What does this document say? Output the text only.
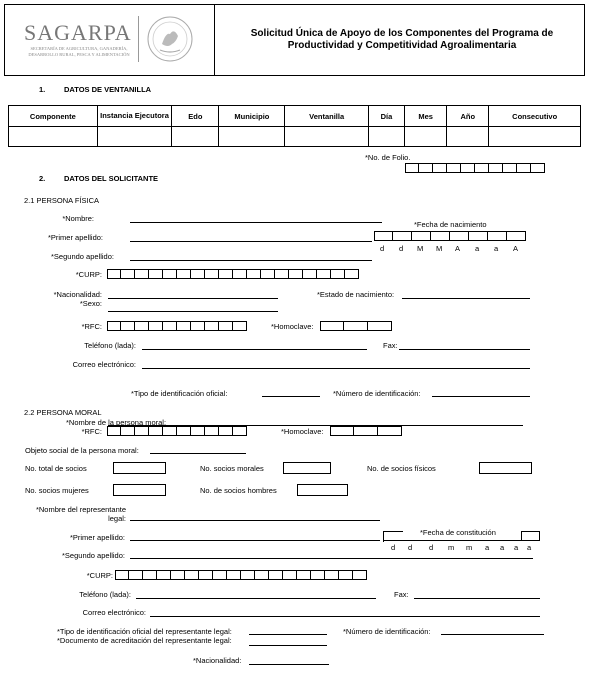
SAGARPA
SECRETARÍA DE AGRICULTURA, GANADERÍA, DESARROLLO RURAL, PESCA Y ALIMENTACIÓN
Solicitud Única de Apoyo de los Componentes del Programa de Productividad y Competitividad Agroalimentaria
1. DATOS DE VENTANILLA
Componente	Instancia Ejecutora	Edo	Municipio	Ventanilla	Día	Mes	Año	Consecutivo

*No. de Folio.
2. DATOS DEL SOLICITANTE
2.1 PERSONA FÍSICA
*Nombre:
*Fecha de nacimiento
*Primer apellido:
d d M M A a a A
*Segundo apellido:
*CURP:
*Nacionalidad:
*Sexo:
*Estado de nacimiento:
*RFC:	*Homoclave:
Teléfono (lada):	Fax:
Correo electrónico:
*Tipo de identificación oficial:	*Número de identificación:
2.2 PERSONA MORAL
*Nombre de la persona moral:
*RFC:	*Homoclave:
Objeto social de la persona moral:
No. total de socios	No. socios morales	No. de socios físicos
No. socios mujeres	No. de socios hombres
*Nombre del representante
legal:
*Fecha de constitución
*Primer apellido:
d d d m m a a a a
*Segundo apellido:
*CURP:
Teléfono (lada):	Fax:
Correo electrónico:
*Tipo de identificación oficial del representante legal:
*Documento de acreditación del representante legal:
*Número de identificación:
*Nacionalidad:
